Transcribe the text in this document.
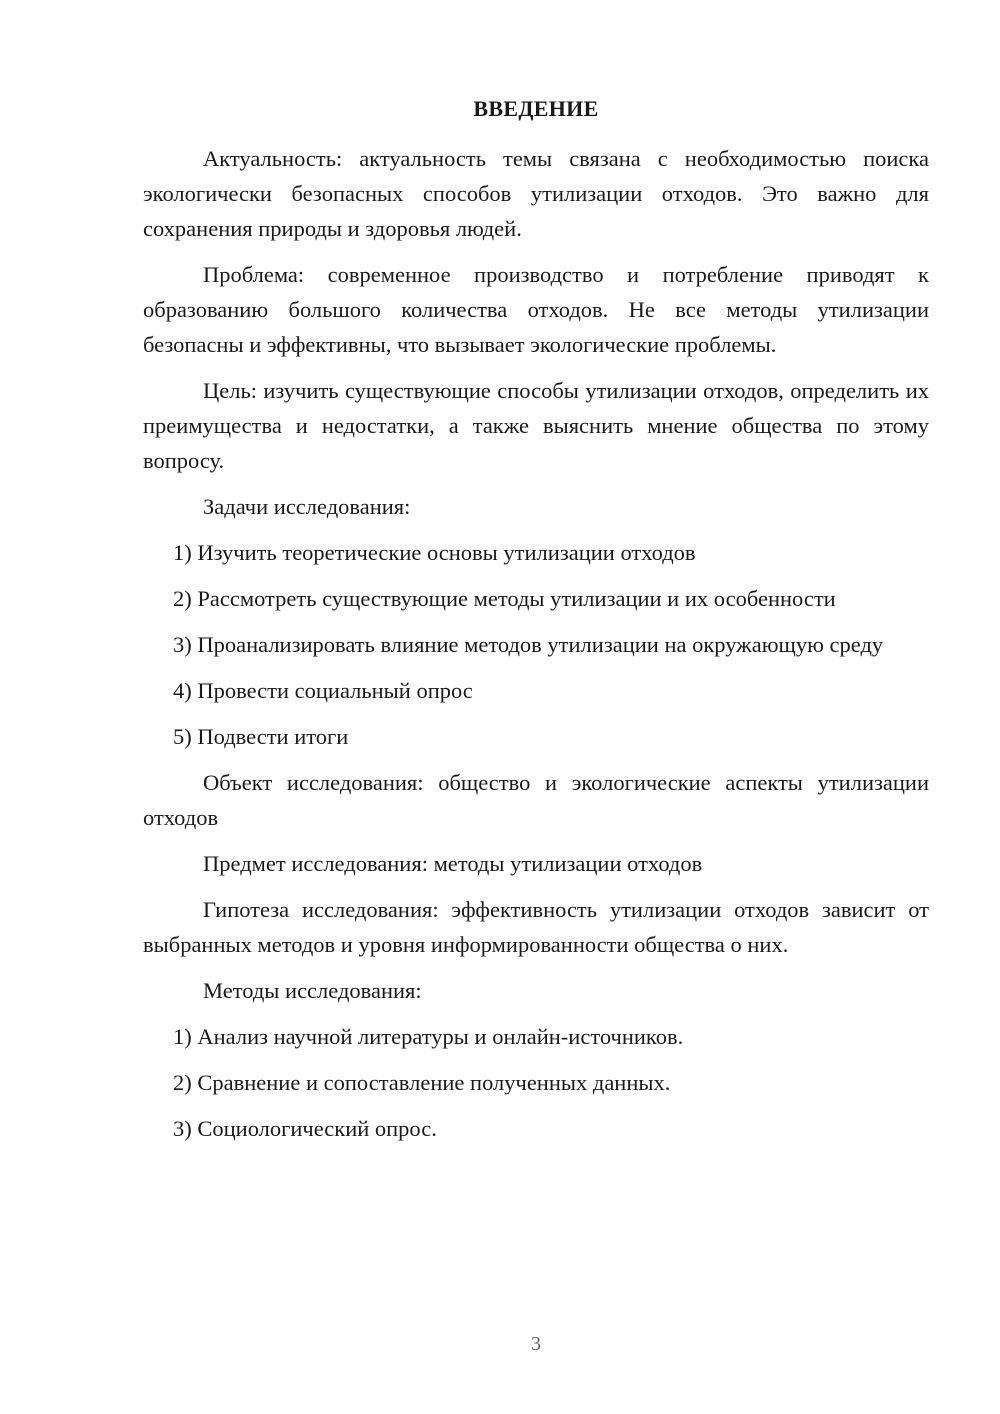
ВВЕДЕНИЕ

Актуальность: актуальность темы связана с необходимостью поиска экологически безопасных способов утилизации отходов. Это важно для сохранения природы и здоровья людей.

Проблема: современное производство и потребление приводят к образованию большого количества отходов. Не все методы утилизации безопасны и эффективны, что вызывает экологические проблемы.

Цель: изучить существующие способы утилизации отходов, определить их преимущества и недостатки, а также выяснить мнение общества по этому вопросу.

Задачи исследования:

1) Изучить теоретические основы утилизации отходов

2) Рассмотреть существующие методы утилизации и их особенности

3) Проанализировать влияние методов утилизации на окружающую среду

4) Провести социальный опрос

5) Подвести итоги

Объект исследования: общество и экологические аспекты утилизации отходов

Предмет исследования: методы утилизации отходов

Гипотеза исследования: эффективность утилизации отходов зависит от выбранных методов и уровня информированности общества о них.

Методы исследования:

1) Анализ научной литературы и онлайн-источников.

2) Сравнение и сопоставление полученных данных.

3) Социологический опрос.

3
